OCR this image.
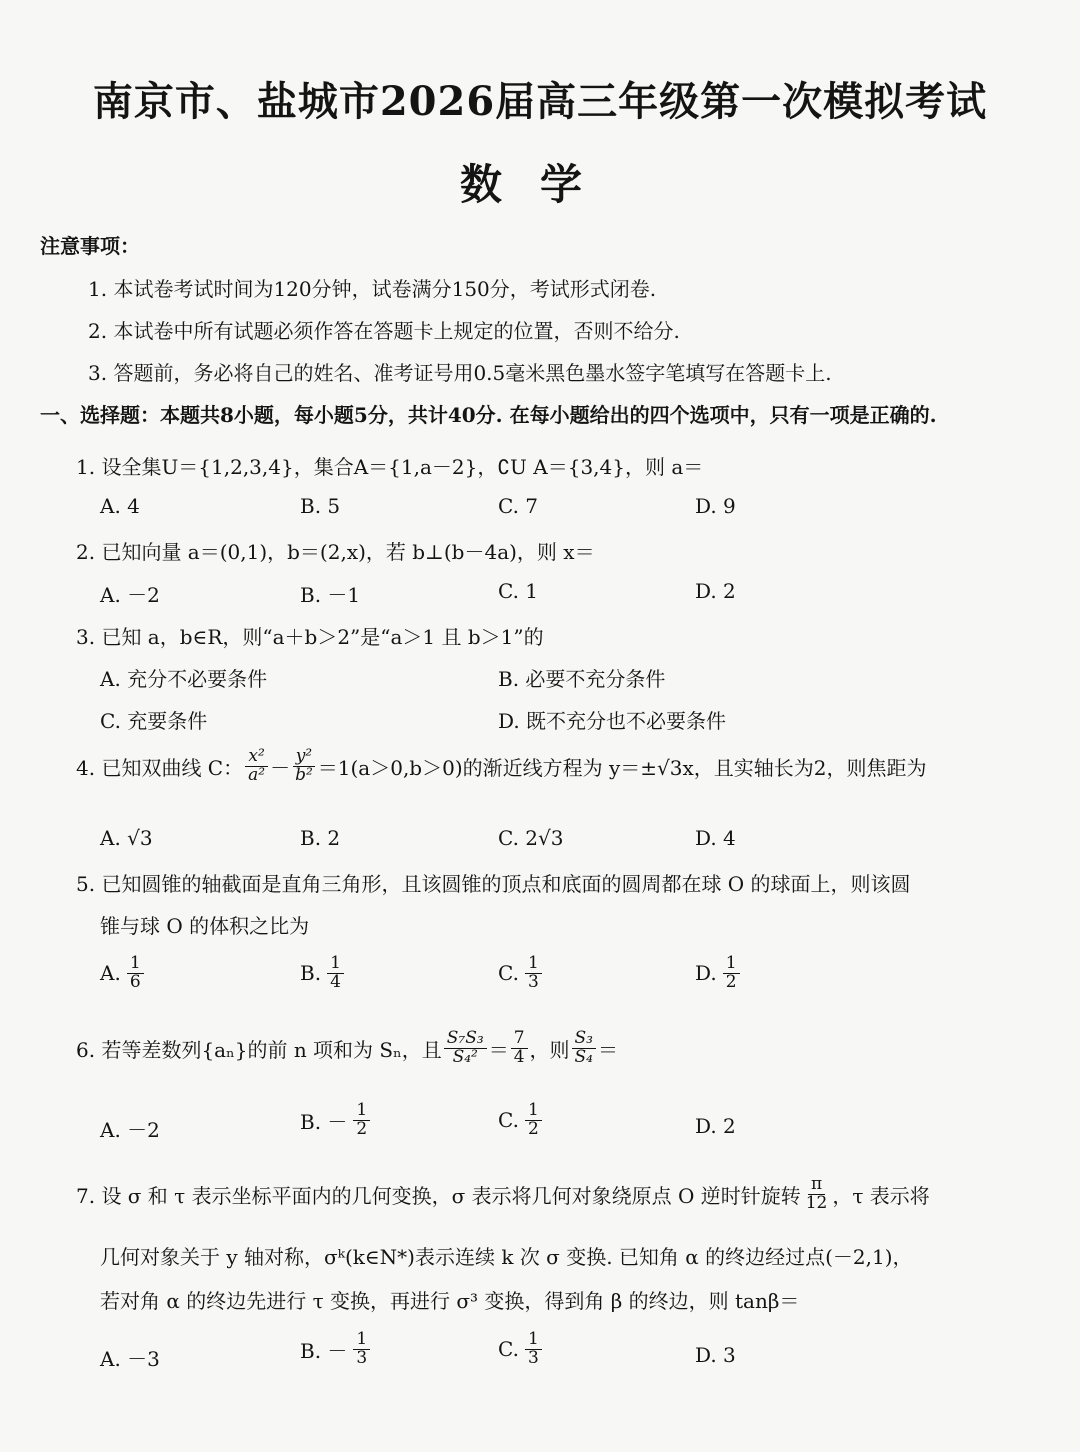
南京市、盐城市2026届高三年级第一次模拟考试
数学
注意事项：
1. 本试卷考试时间为120分钟，试卷满分150分，考试形式闭卷.
2. 本试卷中所有试题必须作答在答题卡上规定的位置，否则不给分.
3. 答题前，务必将自己的姓名、准考证号用0.5毫米黑色墨水签字笔填写在答题卡上.
一、选择题：本题共8小题，每小题5分，共计40分. 在每小题给出的四个选项中，只有一项是正确的.
1. 设全集U＝{1,2,3,4}，集合A＝{1,a－2}，∁U A＝{3,4}，则 a＝
A. 4	B. 5	C. 7	D. 9
2. 已知向量 a＝(0,1)，b＝(2,x)，若 b⊥(b－4a)，则 x＝
A. －2	B. －1	C. 1	D. 2
3. 已知 a，b∈R，则“a＋b＞2”是“a＞1 且 b＞1”的
A. 充分不必要条件	B. 必要不充分条件
C. 充要条件	D. 既不充分也不必要条件
4. 已知双曲线 C： $\frac{\text{x²}}{\text{a²}} - \frac{\text{y²}}{\text{b²}} =1(a>0,b>0)$的渐近线方程为 y＝±√3x，且实轴长为2，则焦距为
A. √3	B. 2	C. 2√3	D. 4
5. 已知圆锥的轴截面是直角三角形，且该圆锥的顶点和底面的圆周都在球 O 的球面上，则该圆
锥与球 O 的体积之比为
A. $\frac{1}{6}$	B. $\frac{1}{4}$	C. $\frac{1}{3}$	D. $\frac{1}{2}$
6. 若等差数列{aₙ}的前 n 项和为 Sₙ，且 $\frac{\text{S₇S₃}}{\text{S₄²}} = \frac{7}{4}$ ，则 $\frac{\text{S₃}}{\text{S₄}}$ ＝
A. －2	B. － $\frac{1}{2}$	C. $\frac{1}{2}$	D. 2
7. 设 σ 和 τ 表示坐标平面内的几何变换，σ 表示将几何对象绕原点 O 逆时针旋转 $\frac{\pi}{12}$ ，τ 表示将
几何对象关于 y 轴对称，σᵏ(k∈N*)表示连续 k 次 σ 变换. 已知角 α 的终边经过点(－2,1)，
若对角 α 的终边先进行 τ 变换，再进行 σ³ 变换，得到角 β 的终边，则 tanβ＝
A. －3	B. － $\frac{1}{3}$	C. $\frac{1}{3}$	D. 3
